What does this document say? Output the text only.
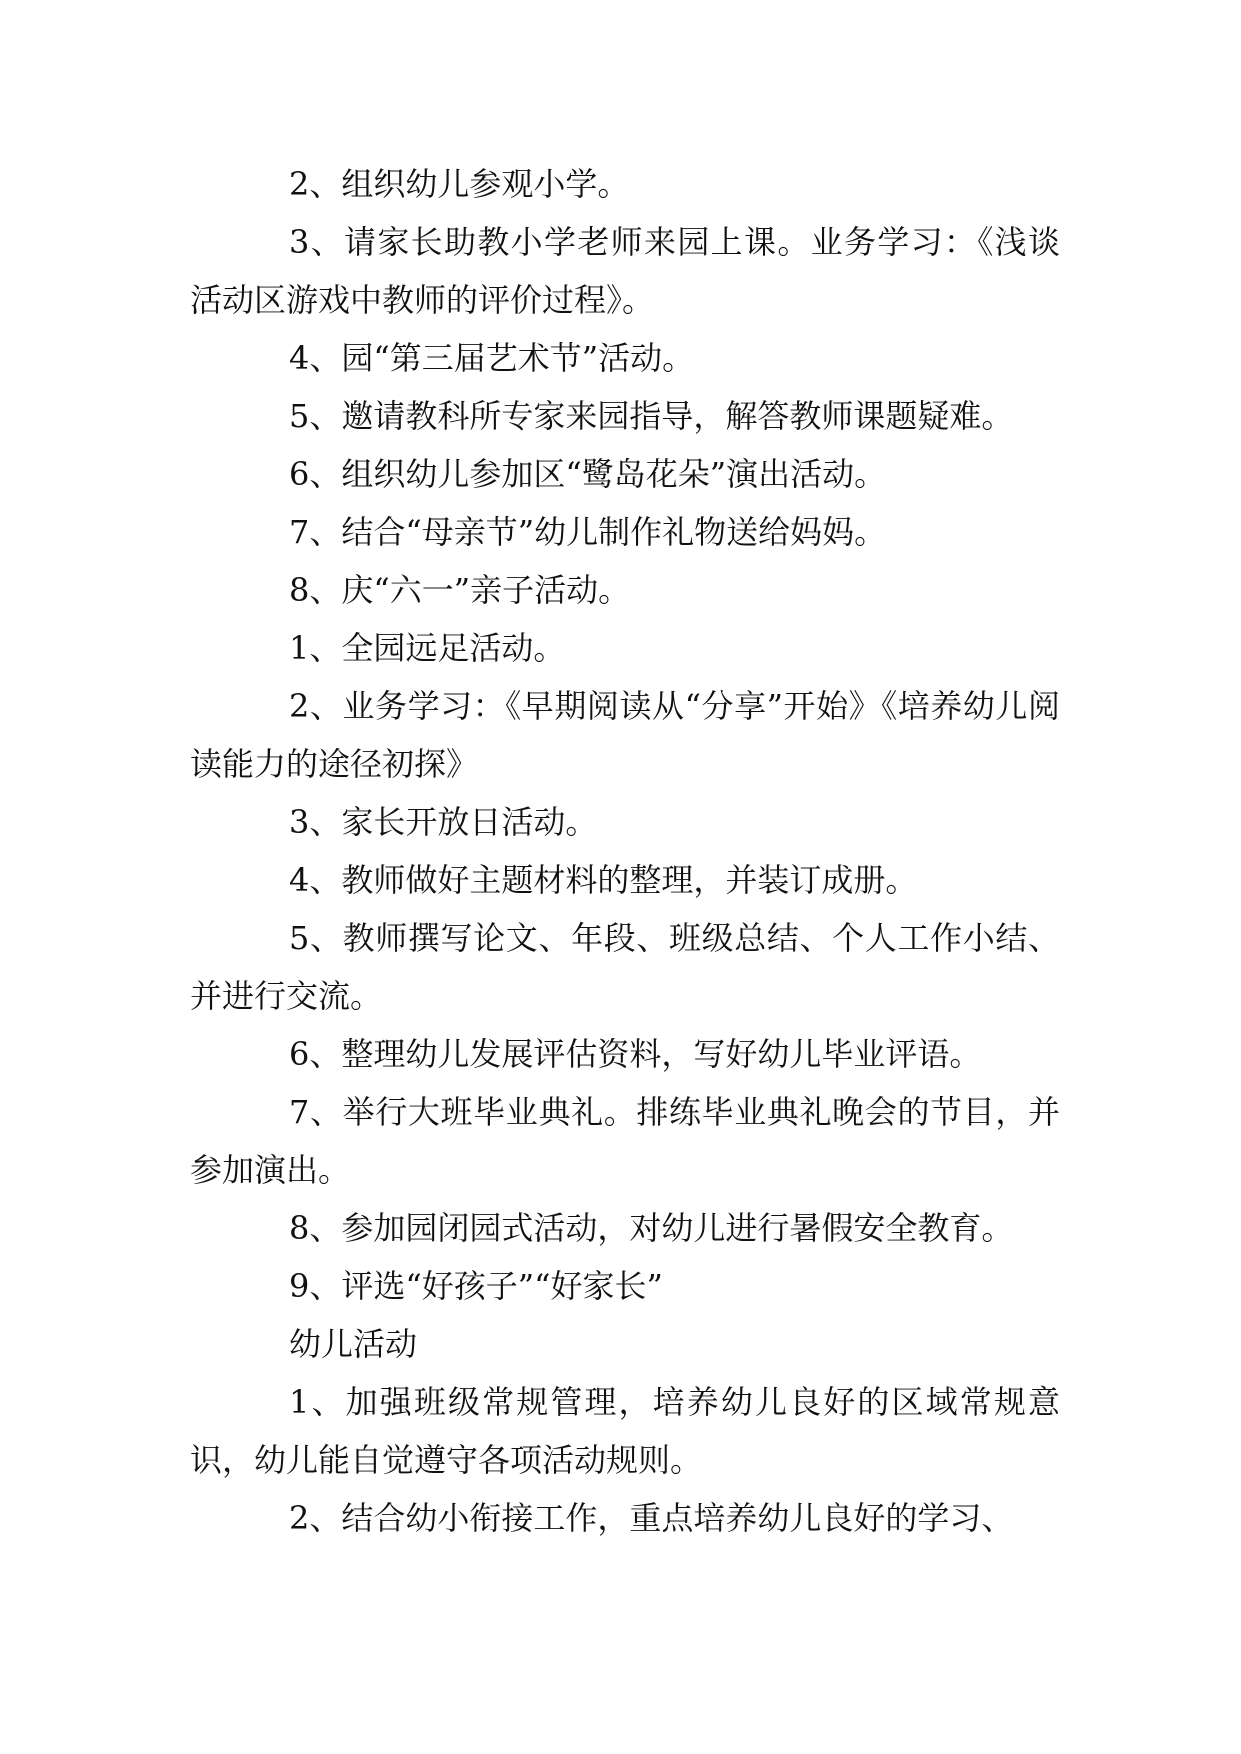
2、组织幼儿参观小学。

3、请家长助教小学老师来园上课。业务学习：《浅谈活动区游戏中教师的评价过程》。

4、园“第三届艺术节”活动。

5、邀请教科所专家来园指导，解答教师课题疑难。

6、组织幼儿参加区“鹭岛花朵”演出活动。

7、结合“母亲节”幼儿制作礼物送给妈妈。

8、庆“六一”亲子活动。

1、全园远足活动。

2、业务学习：《早期阅读从“分享”开始》《培养幼儿阅读能力的途径初探》

3、家长开放日活动。

4、教师做好主题材料的整理，并装订成册。

5、教师撰写论文、年段、班级总结、个人工作小结、并进行交流。

6、整理幼儿发展评估资料，写好幼儿毕业评语。

7、举行大班毕业典礼。排练毕业典礼晚会的节目，并参加演出。

8、参加园闭园式活动，对幼儿进行暑假安全教育。

9、评选“好孩子”“好家长”

幼儿活动

1、加强班级常规管理，培养幼儿良好的区域常规意识，幼儿能自觉遵守各项活动规则。

2、结合幼小衔接工作，重点培养幼儿良好的学习、
